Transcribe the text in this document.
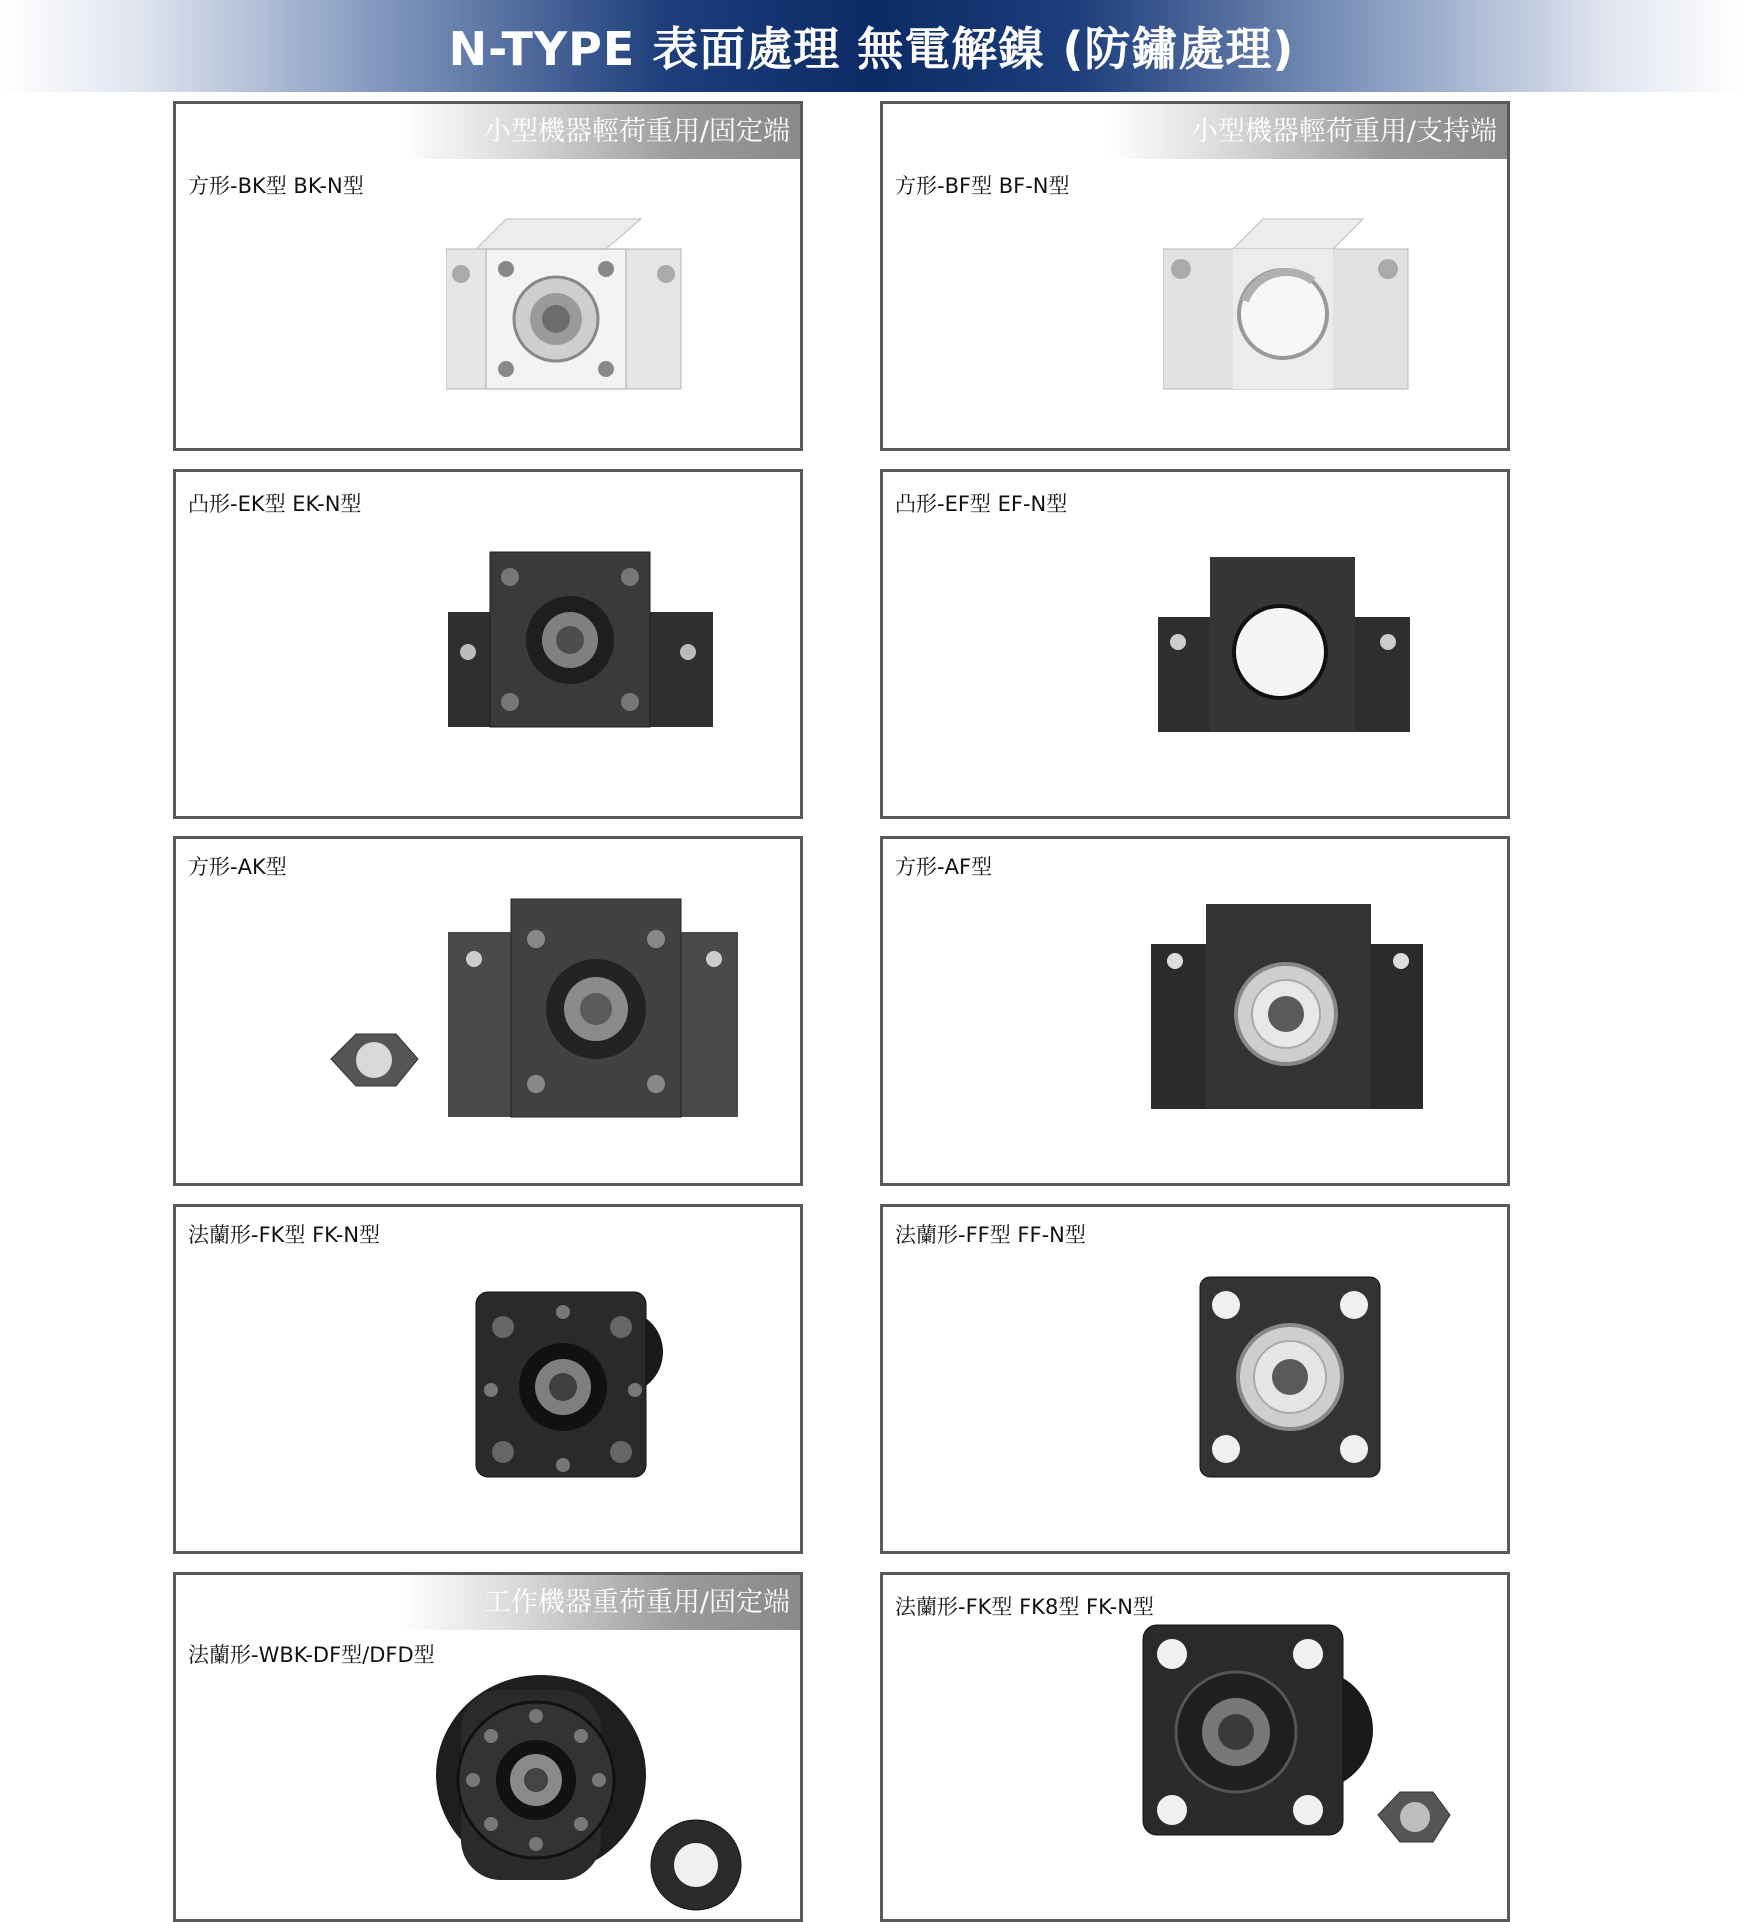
N-TYPE 表面處理 無電解鎳 (防鏽處理)
小型機器輕荷重用/固定端
方形-BK型 BK-N型
小型機器輕荷重用/支持端
方形-BF型 BF-N型
凸形-EK型 EK-N型	凸形-EF型 EF-N型
方形-AK型	方形-AF型
法蘭形-FK型 FK-N型	法蘭形-FF型 FF-N型
工作機器重荷重用/固定端
法蘭形-WBK-DF型/DFD型
法蘭形-FK型 FK8型 FK-N型
